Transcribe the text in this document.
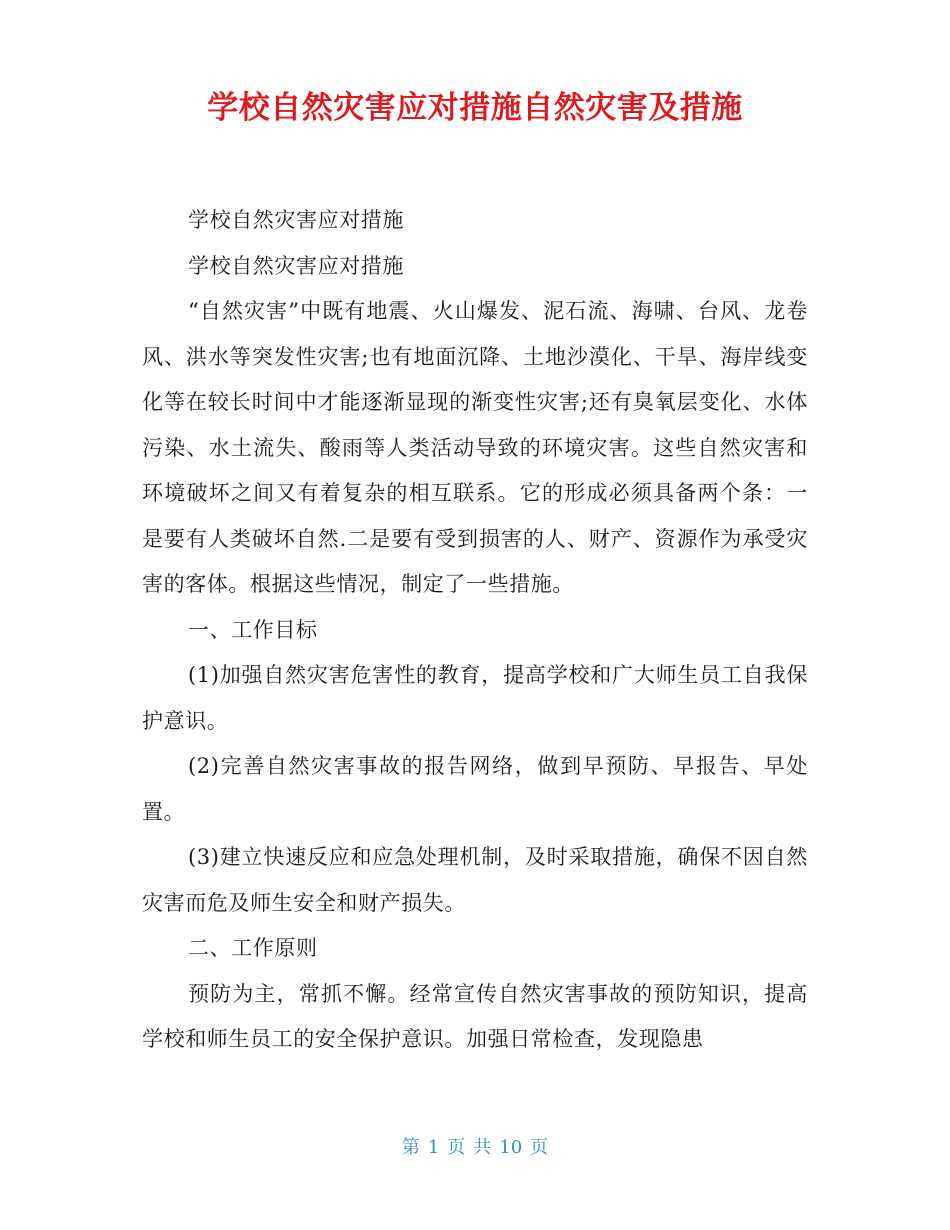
学校自然灾害应对措施自然灾害及措施

学校自然灾害应对措施

学校自然灾害应对措施

“自然灾害”中既有地震、火山爆发、泥石流、海啸、台风、龙卷风、洪水等突发性灾害;也有地面沉降、土地沙漠化、干旱、海岸线变化等在较长时间中才能逐渐显现的渐变性灾害;还有臭氧层变化、水体污染、水土流失、酸雨等人类活动导致的环境灾害。这些自然灾害和环境破坏之间又有着复杂的相互联系。它的形成必须具备两个条：一是要有人类破坏自然.二是要有受到损害的人、财产、资源作为承受灾害的客体。根据这些情况，制定了一些措施。

一、工作目标

(1)加强自然灾害危害性的教育，提高学校和广大师生员工自我保护意识。

(2)完善自然灾害事故的报告网络，做到早预防、早报告、早处置。

(3)建立快速反应和应急处理机制，及时采取措施，确保不因自然灾害而危及师生安全和财产损失。

二、工作原则

预防为主，常抓不懈。经常宣传自然灾害事故的预防知识，提高学校和师生员工的安全保护意识。加强日常检查，发现隐患

第 1 页 共 10 页
